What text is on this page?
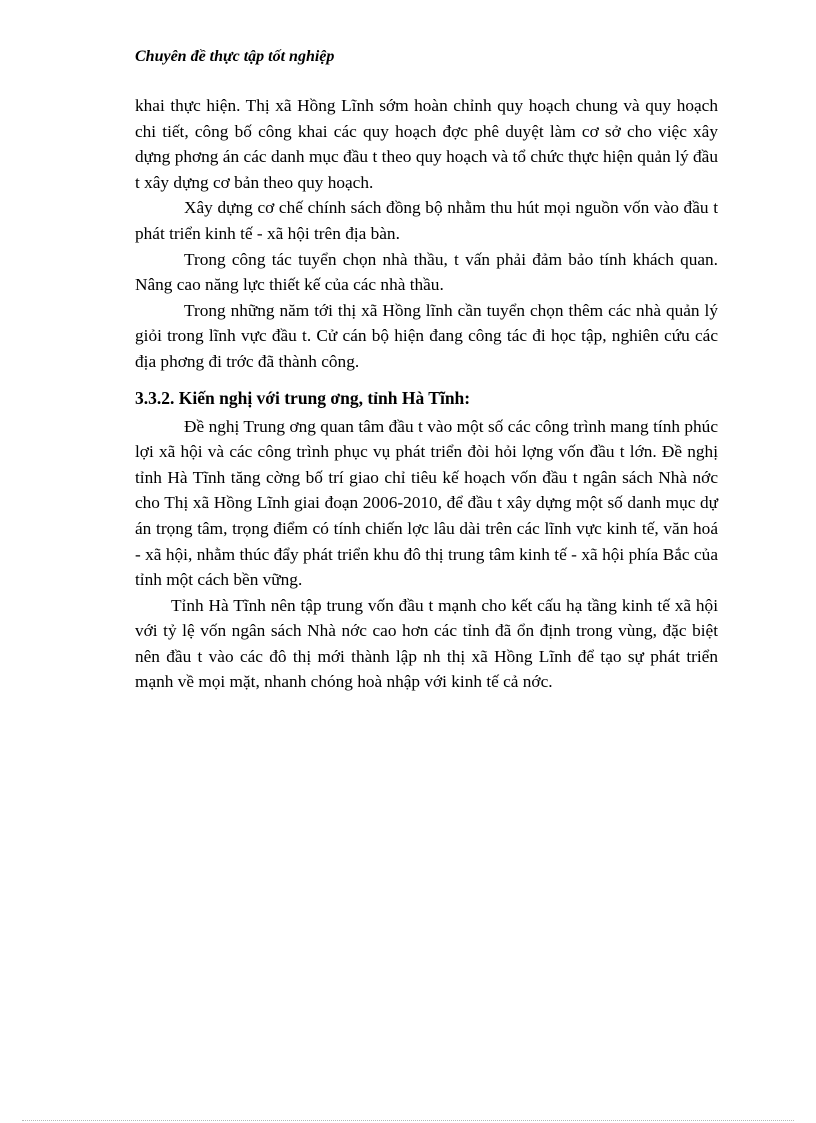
Chuyên đề thực tập tốt nghiệp

khai thực hiện. Thị xã Hồng Lĩnh sớm hoàn chỉnh quy hoạch chung và quy hoạch chi tiết, công bố công khai các quy hoạch đợc phê duyệt làm cơ sở cho việc xây dựng phơng án các danh mục đầu t theo quy hoạch và tổ chức thực hiện quản lý đầu t xây dựng cơ bản theo quy hoạch.

Xây dựng cơ chế chính sách đồng bộ nhằm thu hút mọi nguồn vốn vào đầu t phát triển kinh tế - xã hội trên địa bàn.

Trong công tác tuyển chọn nhà thầu, t vấn phải đảm bảo tính khách quan. Nâng cao năng lực thiết kế của các nhà thầu.

Trong những năm tới thị xã Hồng lĩnh cần tuyển chọn thêm các nhà quản lý giỏi trong lĩnh vực đầu t. Cử cán bộ hiện đang công tác đi học tập, nghiên cứu các địa phơng đi trớc đã thành công.

3.3.2. Kiến nghị với trung ơng, tỉnh Hà Tĩnh:

Đề nghị Trung ơng quan tâm đầu t vào một số các công trình mang tính phúc lợi xã hội và các công trình phục vụ phát triển đòi hỏi lợng vốn đầu t lớn. Đề nghị tỉnh Hà Tĩnh tăng cờng bố trí giao chỉ tiêu kế hoạch vốn đầu t ngân sách Nhà nớc cho Thị xã Hồng Lĩnh giai đoạn 2006-2010, để đầu t xây dựng một số danh mục dự án trọng tâm, trọng điểm có tính chiến lợc lâu dài trên các lĩnh vực kinh tế, văn hoá - xã hội, nhằm thúc đẩy phát triển khu đô thị trung tâm kinh tế - xã hội phía Bắc của tỉnh một cách bền vững.

Tỉnh Hà Tĩnh nên tập trung vốn đầu t mạnh cho kết cấu hạ tầng kinh tế xã hội với tỷ lệ vốn ngân sách Nhà nớc cao hơn các tỉnh đã ổn định trong vùng, đặc biệt nên đầu t vào các đô thị mới thành lập nh thị xã Hồng Lĩnh để tạo sự phát triển mạnh về mọi mặt, nhanh chóng hoà nhập với kinh tế cả nớc.
